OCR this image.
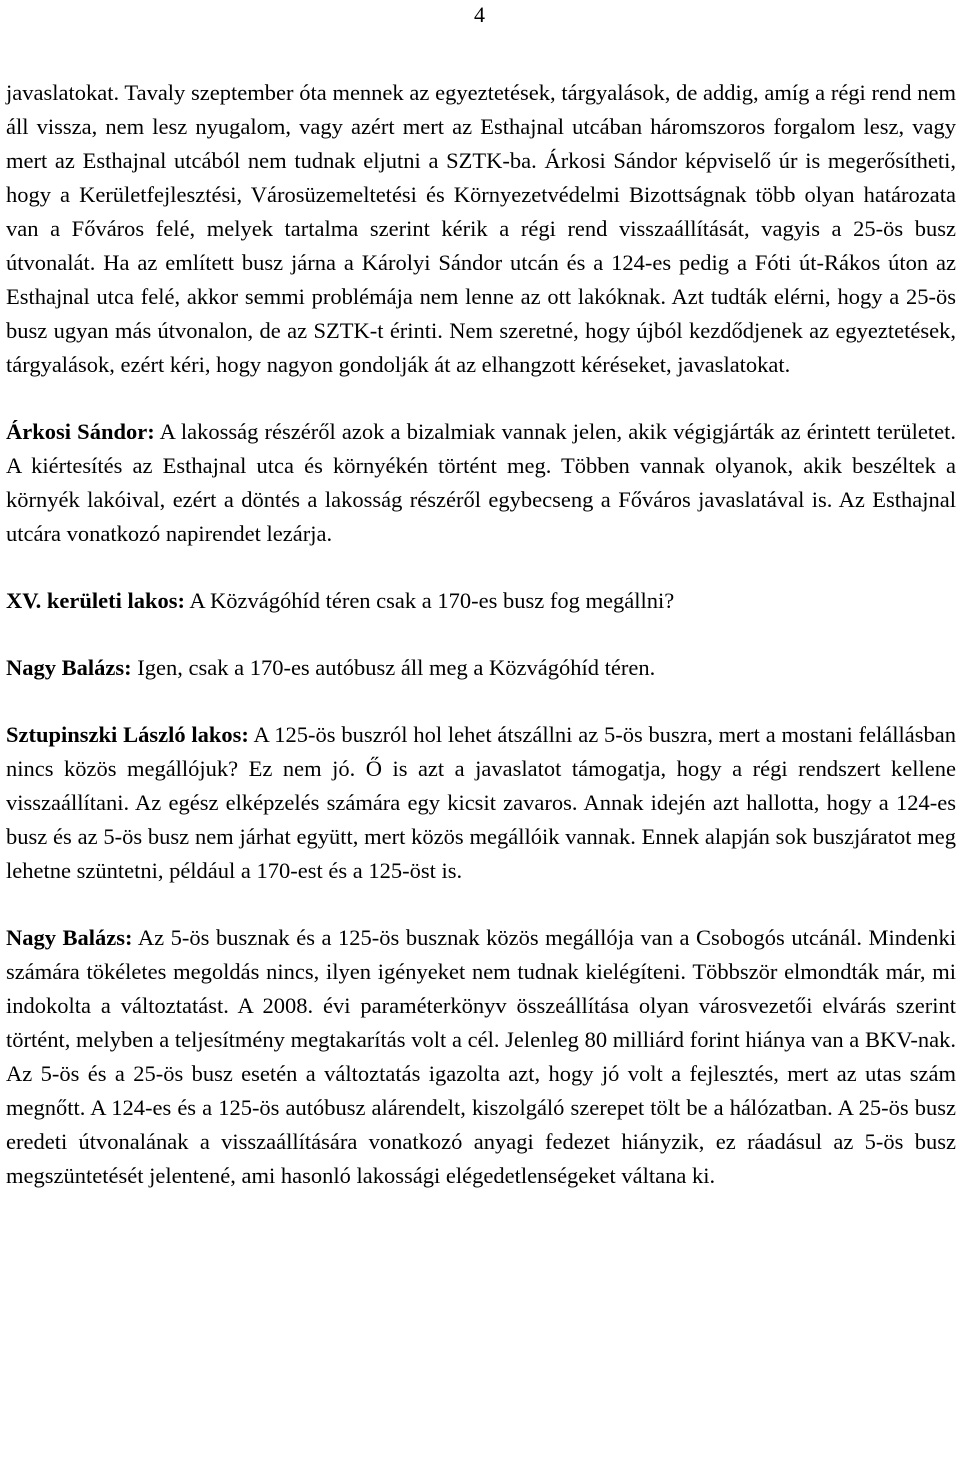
4

javaslatokat. Tavaly szeptember óta mennek az egyeztetések, tárgyalások, de addig, amíg a régi rend nem áll vissza, nem lesz nyugalom, vagy azért mert az Esthajnal utcában háromszoros forgalom lesz, vagy mert az Esthajnal utcából nem tudnak eljutni a SZTK-ba. Árkosi Sándor képviselő úr is megerősítheti, hogy a Kerületfejlesztési, Városüzemeltetési és Környezetvédelmi Bizottságnak több olyan határozata van a Főváros felé, melyek tartalma szerint kérik a régi rend visszaállítását, vagyis a 25-ös busz útvonalát. Ha az említett busz járna a Károlyi Sándor utcán és a 124-es pedig a Fóti út-Rákos úton az Esthajnal utca felé, akkor semmi problémája nem lenne az ott lakóknak. Azt tudták elérni, hogy a 25-ös busz ugyan más útvonalon, de az SZTK-t érinti. Nem szeretné, hogy újból kezdődjenek az egyeztetések, tárgyalások, ezért kéri, hogy nagyon gondolják át az elhangzott kéréseket, javaslatokat.

Árkosi Sándor: A lakosság részéről azok a bizalmiak vannak jelen, akik végigjárták az érintett területet. A kiértesítés az Esthajnal utca és környékén történt meg. Többen vannak olyanok, akik beszéltek a környék lakóival, ezért a döntés a lakosság részéről egybecseng a Főváros javaslatával is. Az Esthajnal utcára vonatkozó napirendet lezárja.

XV. kerületi lakos: A Közvágóhíd téren csak a 170-es busz fog megállni?

Nagy Balázs: Igen, csak a 170-es autóbusz áll meg a Közvágóhíd téren.

Sztupinszki László lakos: A 125-ös buszról hol lehet átszállni az 5-ös buszra, mert a mostani felállásban nincs közös megállójuk? Ez nem jó. Ő is azt a javaslatot támogatja, hogy a régi rendszert kellene visszaállítani. Az egész elképzelés számára egy kicsit zavaros. Annak idején azt hallotta, hogy a 124-es busz és az 5-ös busz nem járhat együtt, mert közös megállóik vannak. Ennek alapján sok buszjáratot meg lehetne szüntetni, például a 170-est és a 125-öst is.

Nagy Balázs: Az 5-ös busznak és a 125-ös busznak közös megállója van a Csobogós utcánál. Mindenki számára tökéletes megoldás nincs, ilyen igényeket nem tudnak kielégíteni. Többször elmondták már, mi indokolta a változtatást. A 2008. évi paraméterkönyv összeállítása olyan városvezetői elvárás szerint történt, melyben a teljesítmény megtakarítás volt a cél. Jelenleg 80 milliárd forint hiánya van a BKV-nak. Az 5-ös és a 25-ös busz esetén a változtatás igazolta azt, hogy jó volt a fejlesztés, mert az utas szám megnőtt. A 124-es és a 125-ös autóbusz alárendelt, kiszolgáló szerepet tölt be a hálózatban. A 25-ös busz eredeti útvonalának a visszaállítására vonatkozó anyagi fedezet hiányzik, ez ráadásul az 5-ös busz megszüntetését jelentené, ami hasonló lakossági elégedetlenségeket váltana ki.
